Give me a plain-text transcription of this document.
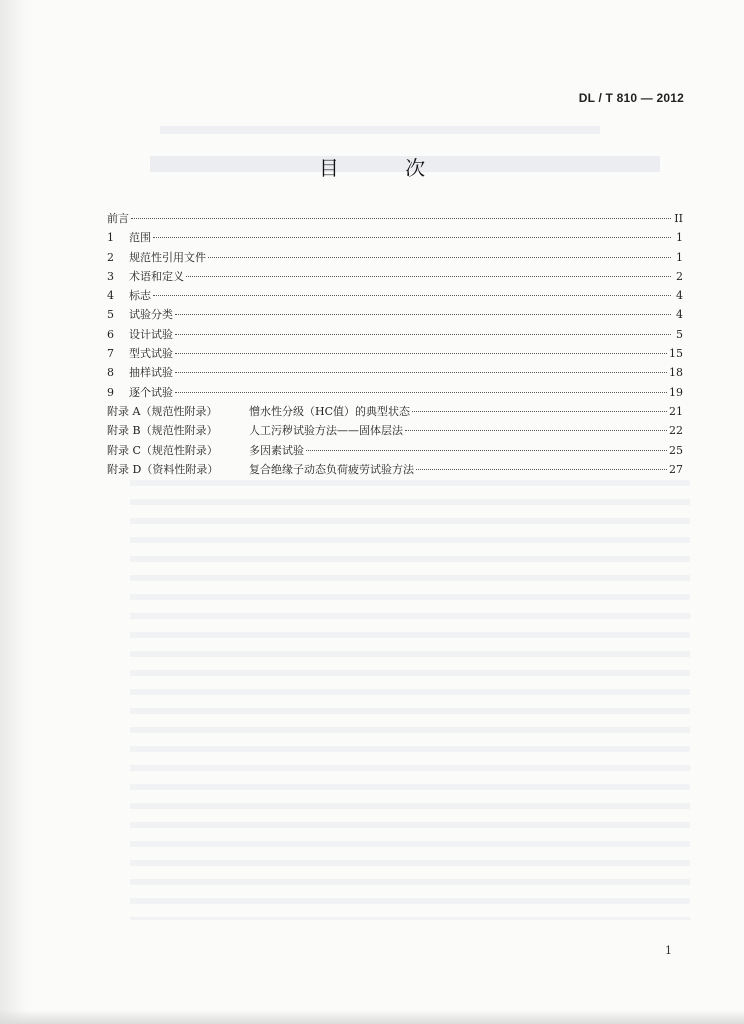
DL / T 810 — 2012
目 次
前言	II
1	范围	1
2	规范性引用文件	1
3	术语和定义	2
4	标志	4
5	试验分类	4
6	设计试验	5
7	型式试验	15
8	抽样试验	18
9	逐个试验	19
附录 A（规范性附录）	憎水性分级（HC值）的典型状态	21
附录 B（规范性附录）	人工污秽试验方法——固体层法	22
附录 C（规范性附录）	多因素试验	25
附录 D（资料性附录）	复合绝缘子动态负荷疲劳试验方法	27
1
